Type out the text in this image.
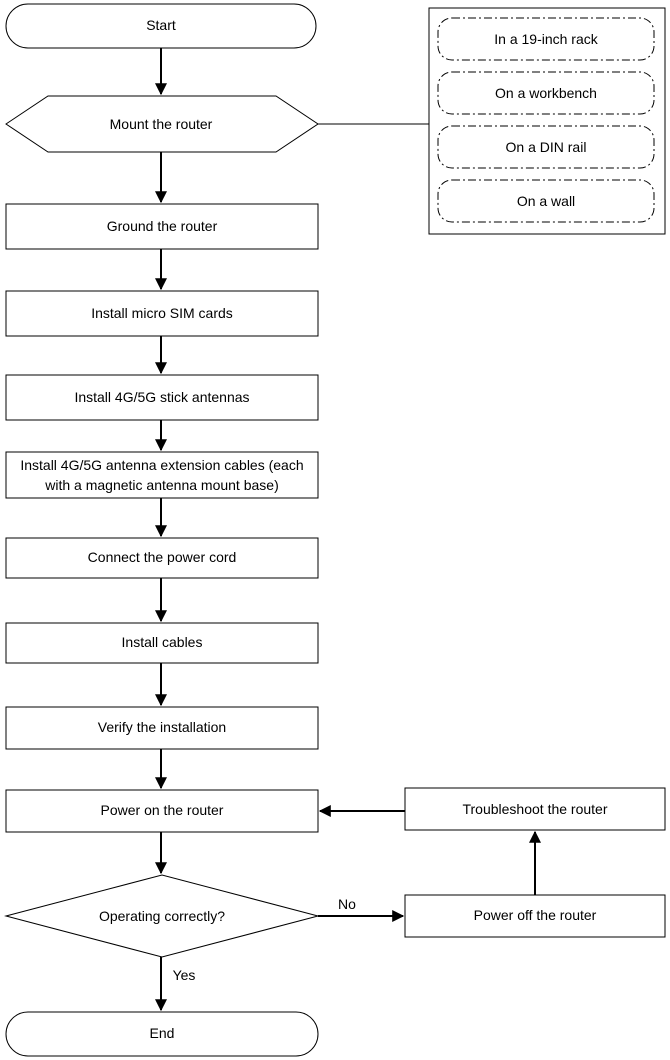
Start
Mount the router
In a 19-inch rack
On a workbench
On a DIN rail
On a wall
Ground the router
Install micro SIM cards
Install 4G/5G stick antennas
Install 4G/5G antenna extension cables (each
with a magnetic antenna mount base)
Connect the power cord
Install cables
Verify the installation
Power on the router
Operating correctly?	Power off the router
Troubleshoot the router
End
No
Yes
